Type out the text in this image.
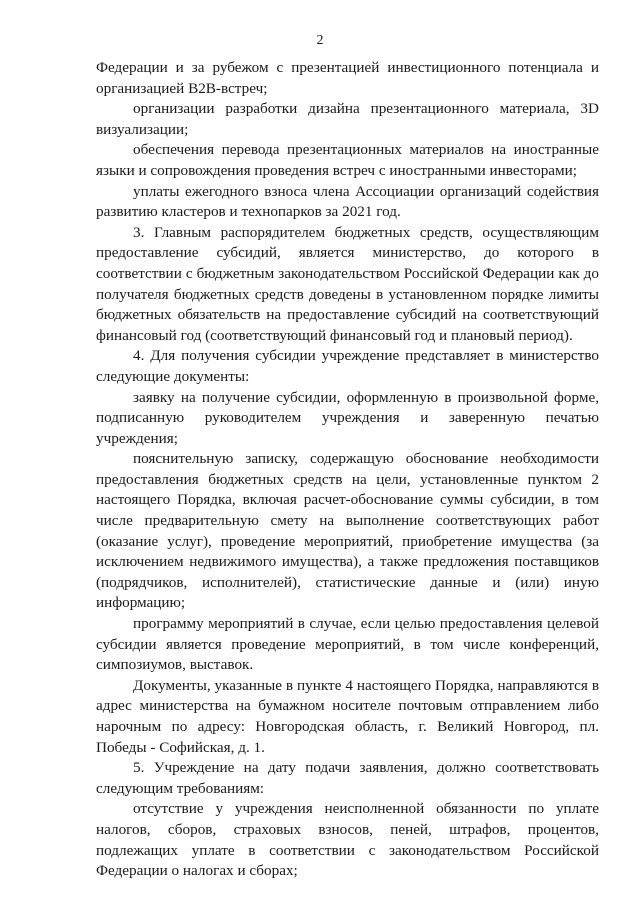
2

Федерации и за рубежом с презентацией инвестиционного потенциала и организацией B2B-встреч;

организации разработки дизайна презентационного материала, 3D визуализации;

обеспечения перевода презентационных материалов на иностранные языки и сопровождения проведения встреч с иностранными инвесторами;

уплаты ежегодного взноса члена Ассоциации организаций содействия развитию кластеров и технопарков за 2021 год.

3. Главным распорядителем бюджетных средств, осуществляющим предоставление субсидий, является министерство, до которого в соответствии с бюджетным законодательством Российской Федерации как до получателя бюджетных средств доведены в установленном порядке лимиты бюджетных обязательств на предоставление субсидий на соответствующий финансовый год (соответствующий финансовый год и плановый период).

4. Для получения субсидии учреждение представляет в министерство следующие документы:

заявку на получение субсидии, оформленную в произвольной форме, подписанную руководителем учреждения и заверенную печатью учреждения;

пояснительную записку, содержащую обоснование необходимости предоставления бюджетных средств на цели, установленные пунктом 2 настоящего Порядка, включая расчет-обоснование суммы субсидии, в том числе предварительную смету на выполнение соответствующих работ (оказание услуг), проведение мероприятий, приобретение имущества (за исключением недвижимого имущества), а также предложения поставщиков (подрядчиков, исполнителей), статистические данные и (или) иную информацию;

программу мероприятий в случае, если целью предоставления целевой субсидии является проведение мероприятий, в том числе конференций, симпозиумов, выставок.

Документы, указанные в пункте 4 настоящего Порядка, направляются в адрес министерства на бумажном носителе почтовым отправлением либо нарочным по адресу: Новгородская область, г. Великий Новгород, пл. Победы - Софийская, д. 1.

5. Учреждение на дату подачи заявления, должно соответствовать следующим требованиям:

отсутствие у учреждения неисполненной обязанности по уплате налогов, сборов, страховых взносов, пеней, штрафов, процентов, подлежащих уплате в соответствии с законодательством Российской Федерации о налогах и сборах;
